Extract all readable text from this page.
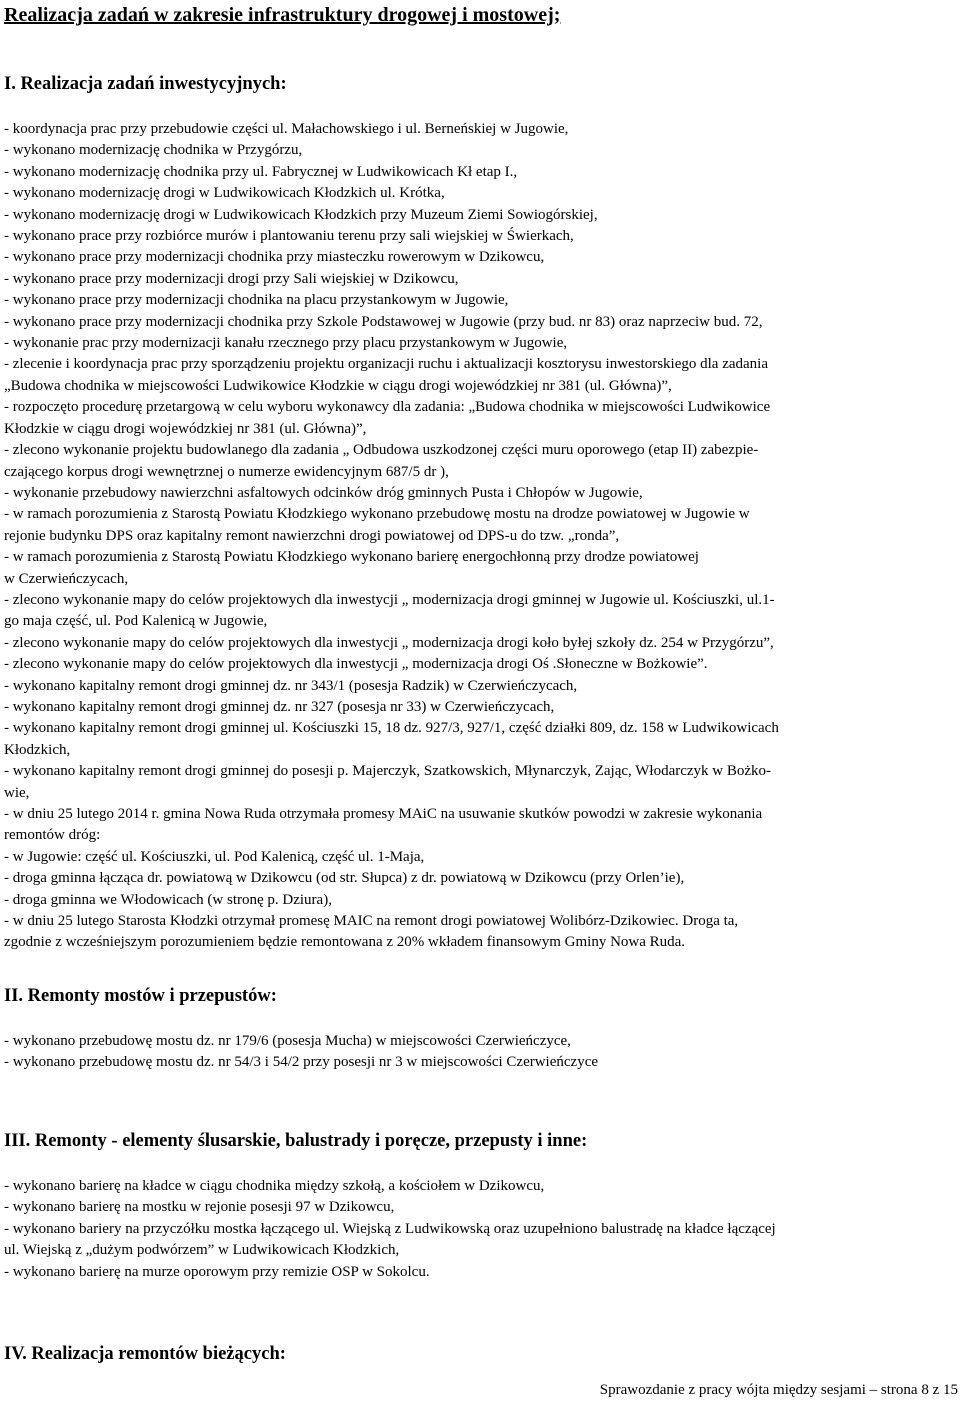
Realizacja zadań w zakresie infrastruktury drogowej i mostowej;
I. Realizacja zadań inwestycyjnych:
- koordynacja prac przy przebudowie części ul. Małachowskiego i ul. Berneńskiej w Jugowie,
- wykonano modernizację chodnika w Przygórzu,
- wykonano modernizację chodnika przy ul. Fabrycznej w Ludwikowicach Kł etap I.,
- wykonano modernizację drogi w Ludwikowicach Kłodzkich ul. Krótka,
- wykonano modernizację drogi w Ludwikowicach Kłodzkich przy Muzeum Ziemi Sowiogórskiej,
- wykonano prace przy rozbiórce murów i plantowaniu terenu przy sali wiejskiej w Świerkach,
- wykonano prace przy modernizacji chodnika przy miasteczku rowerowym w Dzikowcu,
- wykonano prace przy modernizacji drogi przy Sali wiejskiej w Dzikowcu,
- wykonano prace przy modernizacji chodnika na placu przystankowym w Jugowie,
- wykonano prace przy modernizacji chodnika przy Szkole Podstawowej w Jugowie (przy bud. nr 83) oraz naprzeciw bud. 72,
- wykonanie prac przy modernizacji kanału rzecznego przy placu przystankowym w Jugowie,
- zlecenie i koordynacja prac przy sporządzeniu projektu organizacji ruchu i aktualizacji kosztorysu inwestorskiego dla zadania
„Budowa chodnika w miejscowości Ludwikowice Kłodzkie w ciągu drogi wojewódzkiej nr 381 (ul. Główna)”,
- rozpoczęto procedurę przetargową w celu wyboru wykonawcy dla zadania: „Budowa chodnika w miejscowości Ludwikowice
Kłodzkie w ciągu drogi wojewódzkiej nr 381 (ul. Główna)”,
- zlecono wykonanie projektu budowlanego dla zadania „ Odbudowa uszkodzonej części muru oporowego (etap II) zabezpie-
czającego korpus drogi wewnętrznej o numerze ewidencyjnym 687/5 dr ),
- wykonanie przebudowy nawierzchni asfaltowych odcinków dróg gminnych Pusta i Chłopów w Jugowie,
- w ramach porozumienia z Starostą Powiatu Kłodzkiego wykonano przebudowę mostu na drodze powiatowej w Jugowie w
rejonie budynku DPS oraz kapitalny remont nawierzchni drogi powiatowej od DPS-u do tzw. „ronda”,
- w ramach porozumienia z Starostą Powiatu Kłodzkiego wykonano barierę energochłonną przy drodze powiatowej
w Czerwieńczycach,
- zlecono wykonanie mapy do celów projektowych dla inwestycji „ modernizacja drogi gminnej w Jugowie ul. Kościuszki, ul.1-
go maja część, ul. Pod Kalenicą w Jugowie,
- zlecono wykonanie mapy do celów projektowych dla inwestycji „ modernizacja drogi koło byłej szkoły dz. 254 w Przygórzu”,
- zlecono wykonanie mapy do celów projektowych dla inwestycji „ modernizacja drogi Oś .Słoneczne w Bożkowie”.
- wykonano kapitalny remont drogi gminnej dz. nr 343/1 (posesja Radzik) w Czerwieńczycach,
- wykonano kapitalny remont drogi gminnej dz. nr 327 (posesja nr 33) w Czerwieńczycach,
- wykonano kapitalny remont drogi gminnej ul. Kościuszki 15, 18 dz. 927/3, 927/1, część działki 809, dz. 158 w Ludwikowicach
Kłodzkich,
- wykonano kapitalny remont drogi gminnej do posesji p. Majerczyk, Szatkowskich, Młynarczyk, Zając, Włodarczyk w Bożko-
wie,
- w dniu 25 lutego 2014 r. gmina Nowa Ruda otrzymała promesy MAiC na usuwanie skutków powodzi w zakresie wykonania
remontów dróg:
- w Jugowie: część ul. Kościuszki, ul. Pod Kalenicą, część ul. 1-Maja,
- droga gminna łącząca dr. powiatową w Dzikowcu (od str. Słupca) z dr. powiatową w Dzikowcu (przy Orlen’ie),
- droga gminna we Włodowicach (w stronę p. Dziura),
- w dniu 25 lutego Starosta Kłodzki otrzymał promesę MAIC na remont drogi powiatowej Wolibórz-Dzikowiec. Droga ta,
zgodnie z wcześniejszym porozumieniem będzie remontowana z 20% wkładem finansowym Gminy Nowa Ruda.
II. Remonty mostów i przepustów:
- wykonano przebudowę mostu dz. nr 179/6 (posesja Mucha) w miejscowości Czerwieńczyce,
- wykonano przebudowę mostu dz. nr 54/3 i 54/2 przy posesji nr 3 w miejscowości Czerwieńczyce
III. Remonty - elementy ślusarskie, balustrady i poręcze, przepusty i inne:
- wykonano barierę na kładce w ciągu chodnika między szkołą, a kościołem w Dzikowcu,
- wykonano barierę na mostku w rejonie posesji 97 w Dzikowcu,
- wykonano bariery na przyczółku mostka łączącego ul. Wiejską z Ludwikowską oraz uzupełniono balustradę na kładce łączącej
ul. Wiejską z „dużym podwórzem” w Ludwikowicach Kłodzkich,
- wykonano barierę na murze oporowym przy remizie OSP w Sokolcu.
IV. Realizacja remontów bieżących:
Sprawozdanie z pracy wójta między sesjami – strona 8 z 15
